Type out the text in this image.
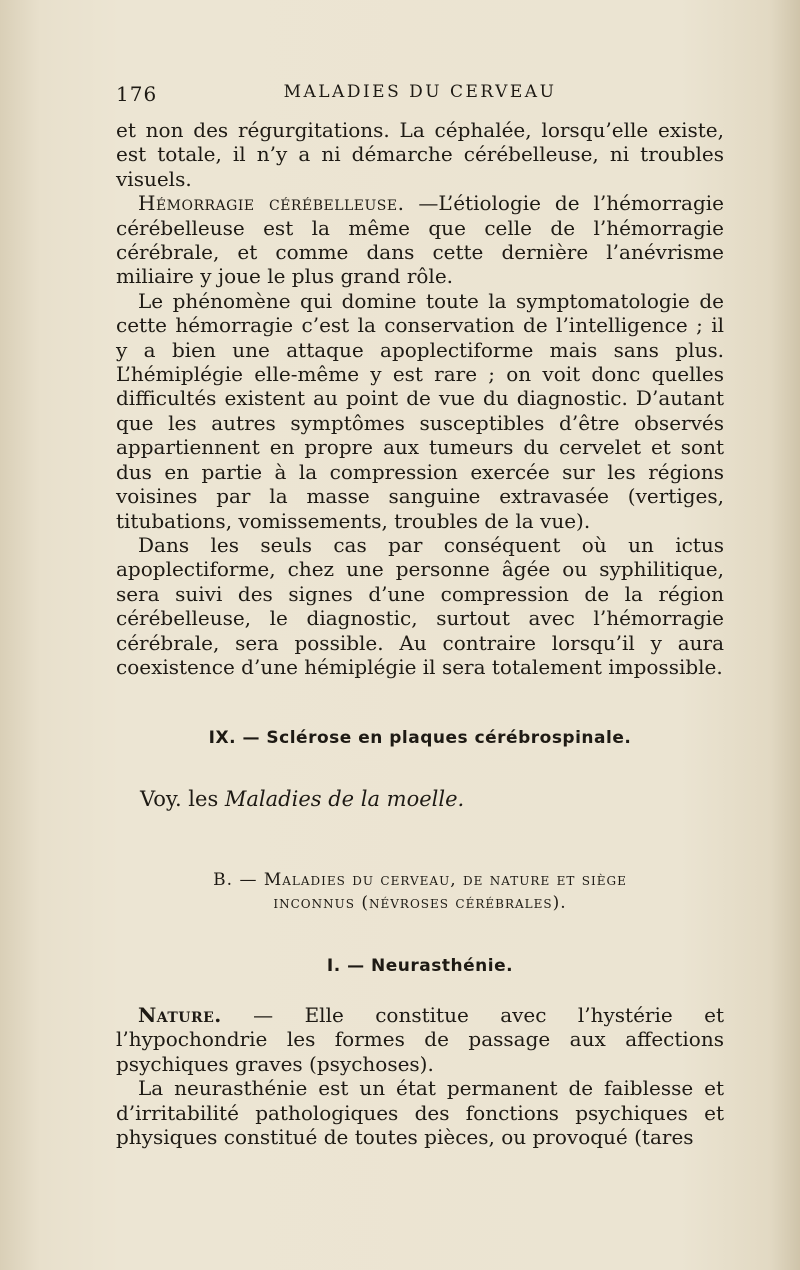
176	MALADIES DU CERVEAU

et non des régurgitations. La céphalée, lorsqu’elle existe, est totale, il n’y a ni démarche cérébelleuse, ni troubles visuels.

Hémorragie cérébelleuse. —L’étiologie de l’hémorragie cérébelleuse est la même que celle de l’hémorragie cérébrale, et comme dans cette dernière l’anévrisme miliaire y joue le plus grand rôle.

Le phénomène qui domine toute la symptomatologie de cette hémorragie c’est la conservation de l’intelligence ; il y a bien une attaque apoplectiforme mais sans plus. L’hémiplégie elle-même y est rare ; on voit donc quelles difficultés existent au point de vue du diagnostic. D’autant que les autres symptômes susceptibles d’être observés appartiennent en propre aux tumeurs du cervelet et sont dus en partie à la compression exercée sur les régions voisines par la masse sanguine extravasée (vertiges, titubations, vomissements, troubles de la vue).

Dans les seuls cas par conséquent où un ictus apoplectiforme, chez une personne âgée ou syphilitique, sera suivi des signes d’une compression de la région cérébelleuse, le diagnostic, surtout avec l’hémorragie cérébrale, sera possible. Au contraire lorsqu’il y aura coexistence d’une hémiplégie il sera totalement impossible.

IX. — Sclérose en plaques cérébrospinale.
Voy. les Maladies de la moelle.
B. — Maladies du cerveau, de nature et siège
inconnus (névroses cérébrales).
I. — Neurasthénie.

Nature. — Elle constitue avec l’hystérie et l’hypochondrie les formes de passage aux affections psychiques graves (psychoses).

La neurasthénie est un état permanent de faiblesse et d’irritabilité pathologiques des fonctions psychiques et physiques constitué de toutes pièces, ou provoqué (tares
